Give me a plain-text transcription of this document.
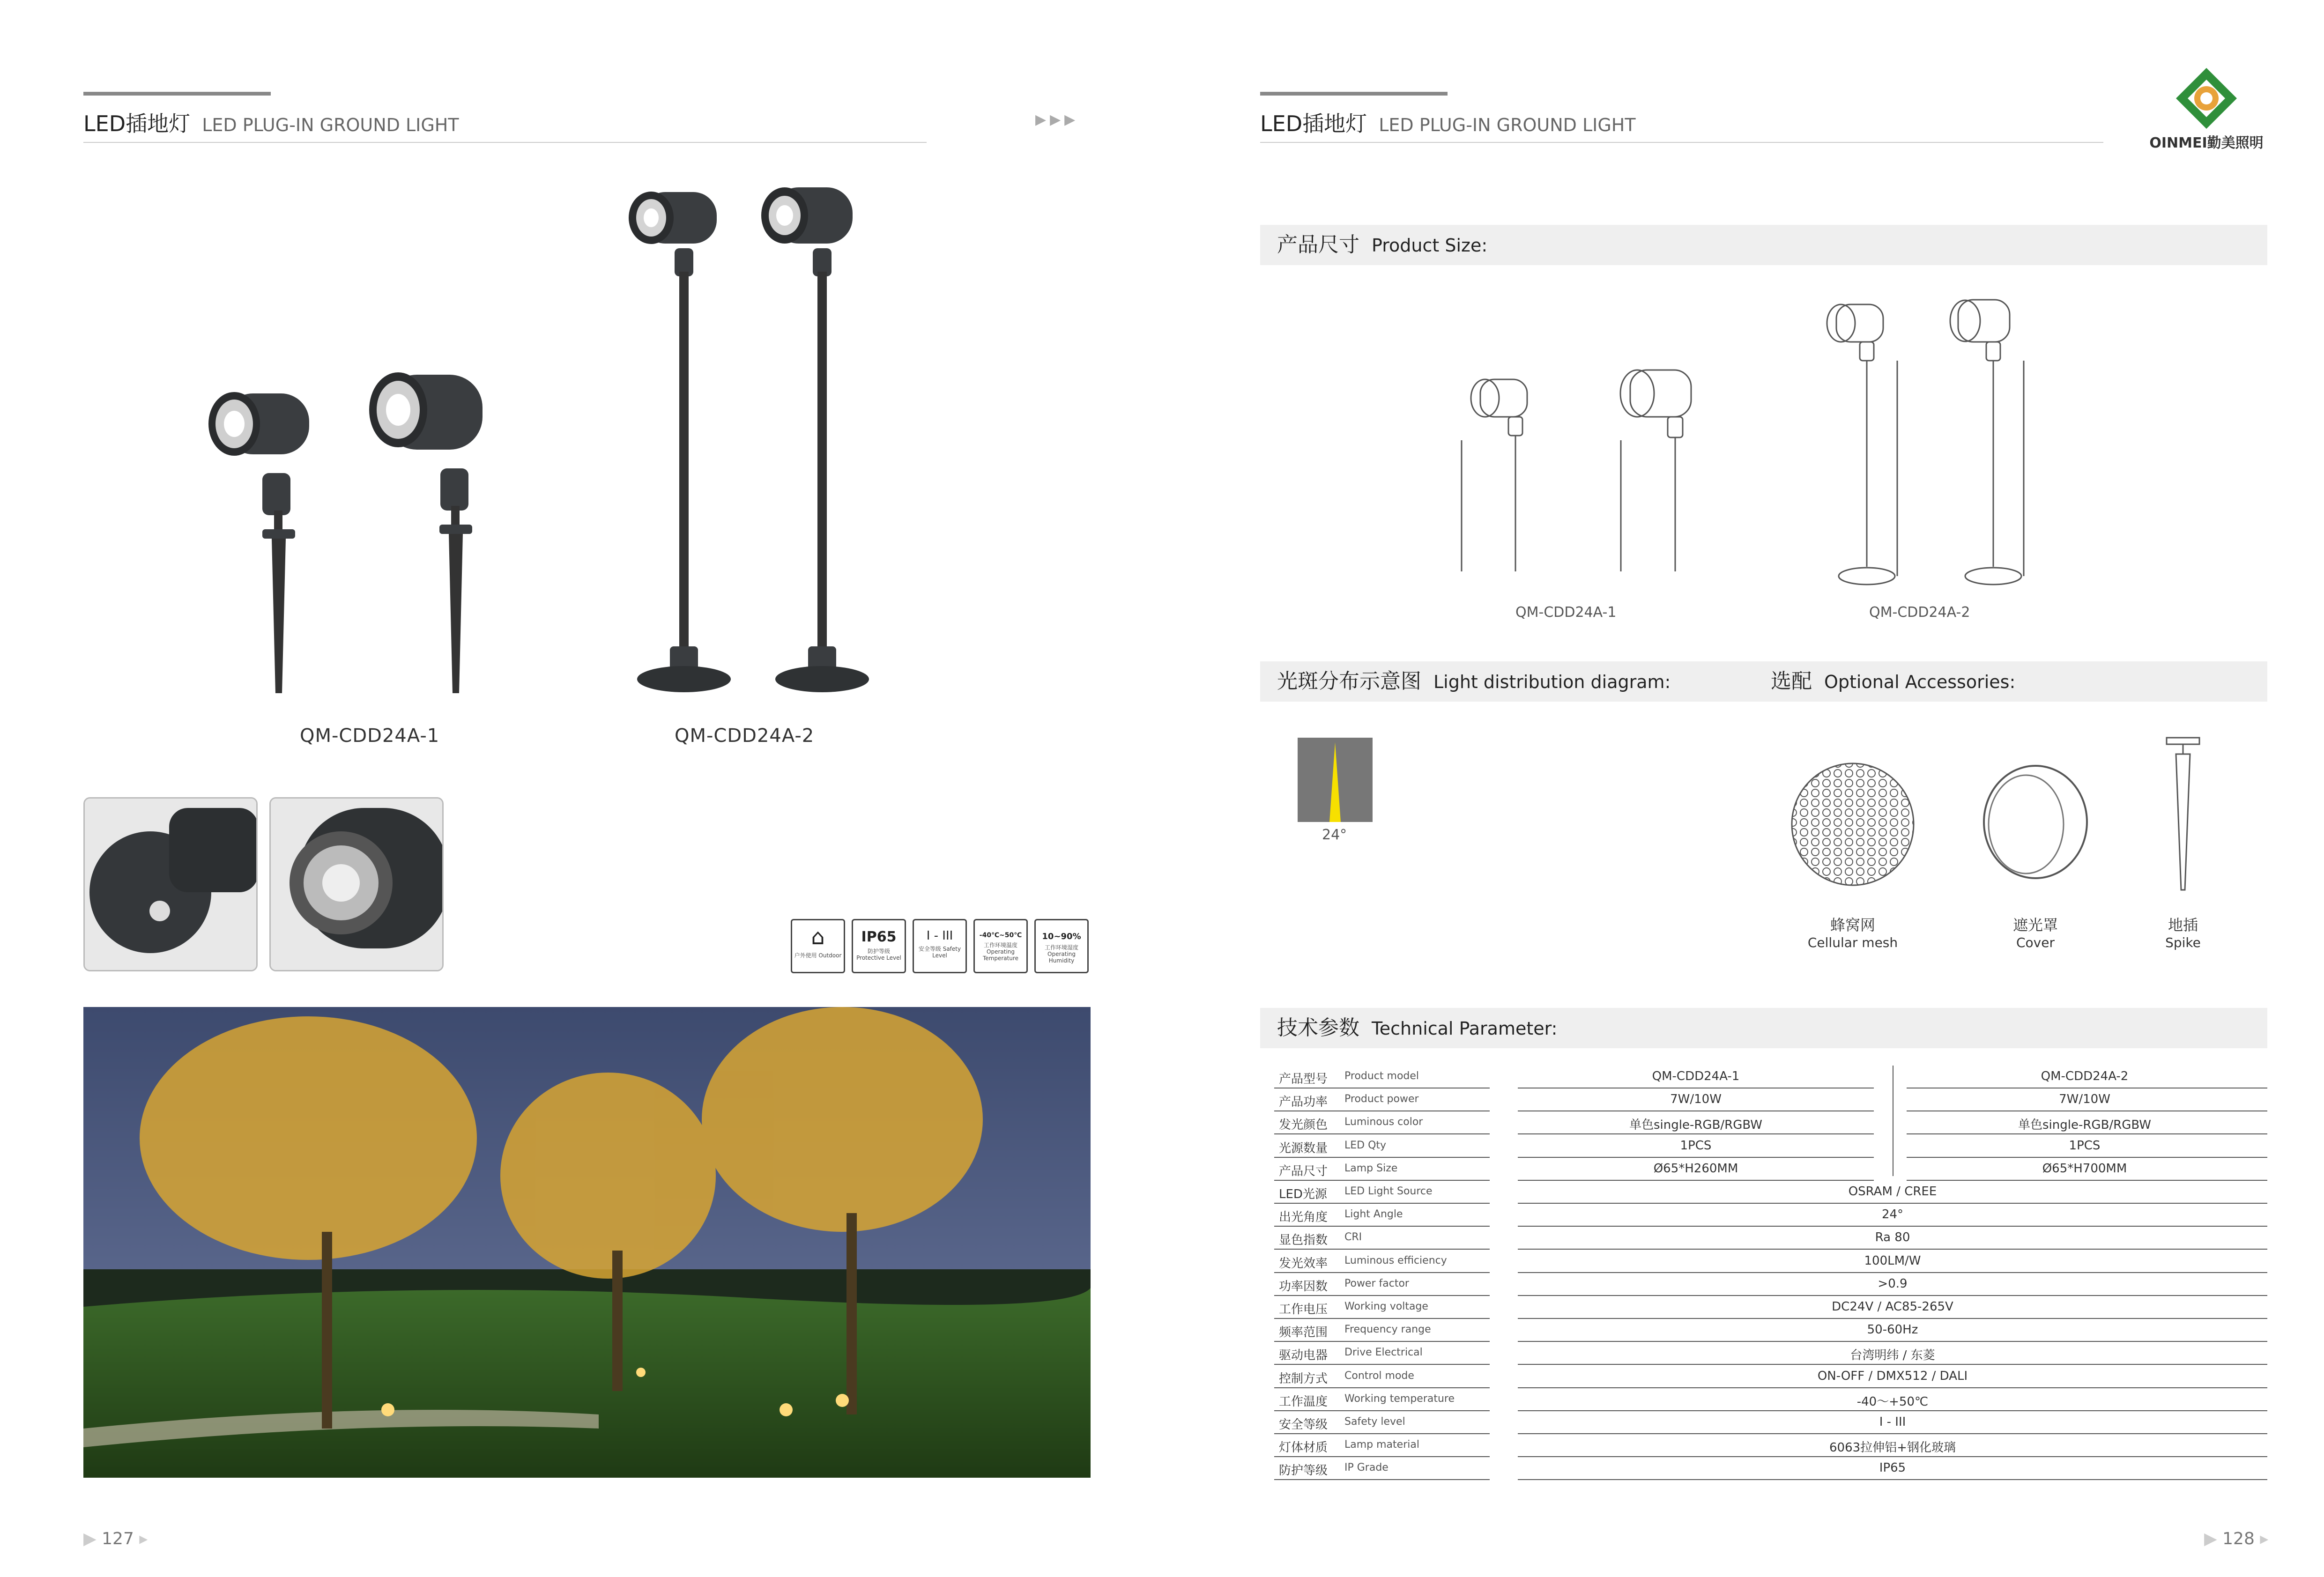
LED插地灯 LED PLUG-IN GROUND LIGHT	▶▶▶
QM-CDD24A-1	QM-CDD24A-2
⌂
户外使用 Outdoor
IP65
防护等级 Protective Level
I - III
安全等级 Safety Level
-40℃~50℃
工作环境温度 Operating Temperature
10~90%
工作环境湿度 Operating Humidity
▶ 127 ▸
LED插地灯 LED PLUG-IN GROUND LIGHT
OINMEI勤美照明
产品尺寸 Product Size:
QM-CDD24A-1	QM-CDD24A-2
光斑分布示意图 Light distribution diagram:	选配 Optional Accessories:
24°
蜂窝网
Cellular mesh
遮光罩
Cover
地插
Spike
技术参数 Technical Parameter:
产品型号	Product model	QM-CDD24A-1	QM-CDD24A-2
产品功率	Product power	7W/10W	7W/10W
发光颜色	Luminous color	单色single-RGB/RGBW	单色single-RGB/RGBW
光源数量	LED Qty	1PCS	1PCS
产品尺寸	Lamp Size	Ø65*H260MM	Ø65*H700MM
LED光源	LED Light Source	OSRAM / CREE
出光角度	Light Angle	24°
显色指数	CRI	Ra 80
发光效率	Luminous efficiency	100LM/W
功率因数	Power factor	>0.9
工作电压	Working voltage	DC24V / AC85-265V
频率范围	Frequency range	50-60Hz
驱动电器	Drive Electrical	台湾明纬 / 东菱
控制方式	Control mode	ON-OFF / DMX512 / DALI
工作温度	Working temperature	-40～+50℃
安全等级	Safety level	I - III
灯体材质	Lamp material	6063拉伸铝+钢化玻璃
防护等级	IP Grade	IP65
▶ 128 ▸
